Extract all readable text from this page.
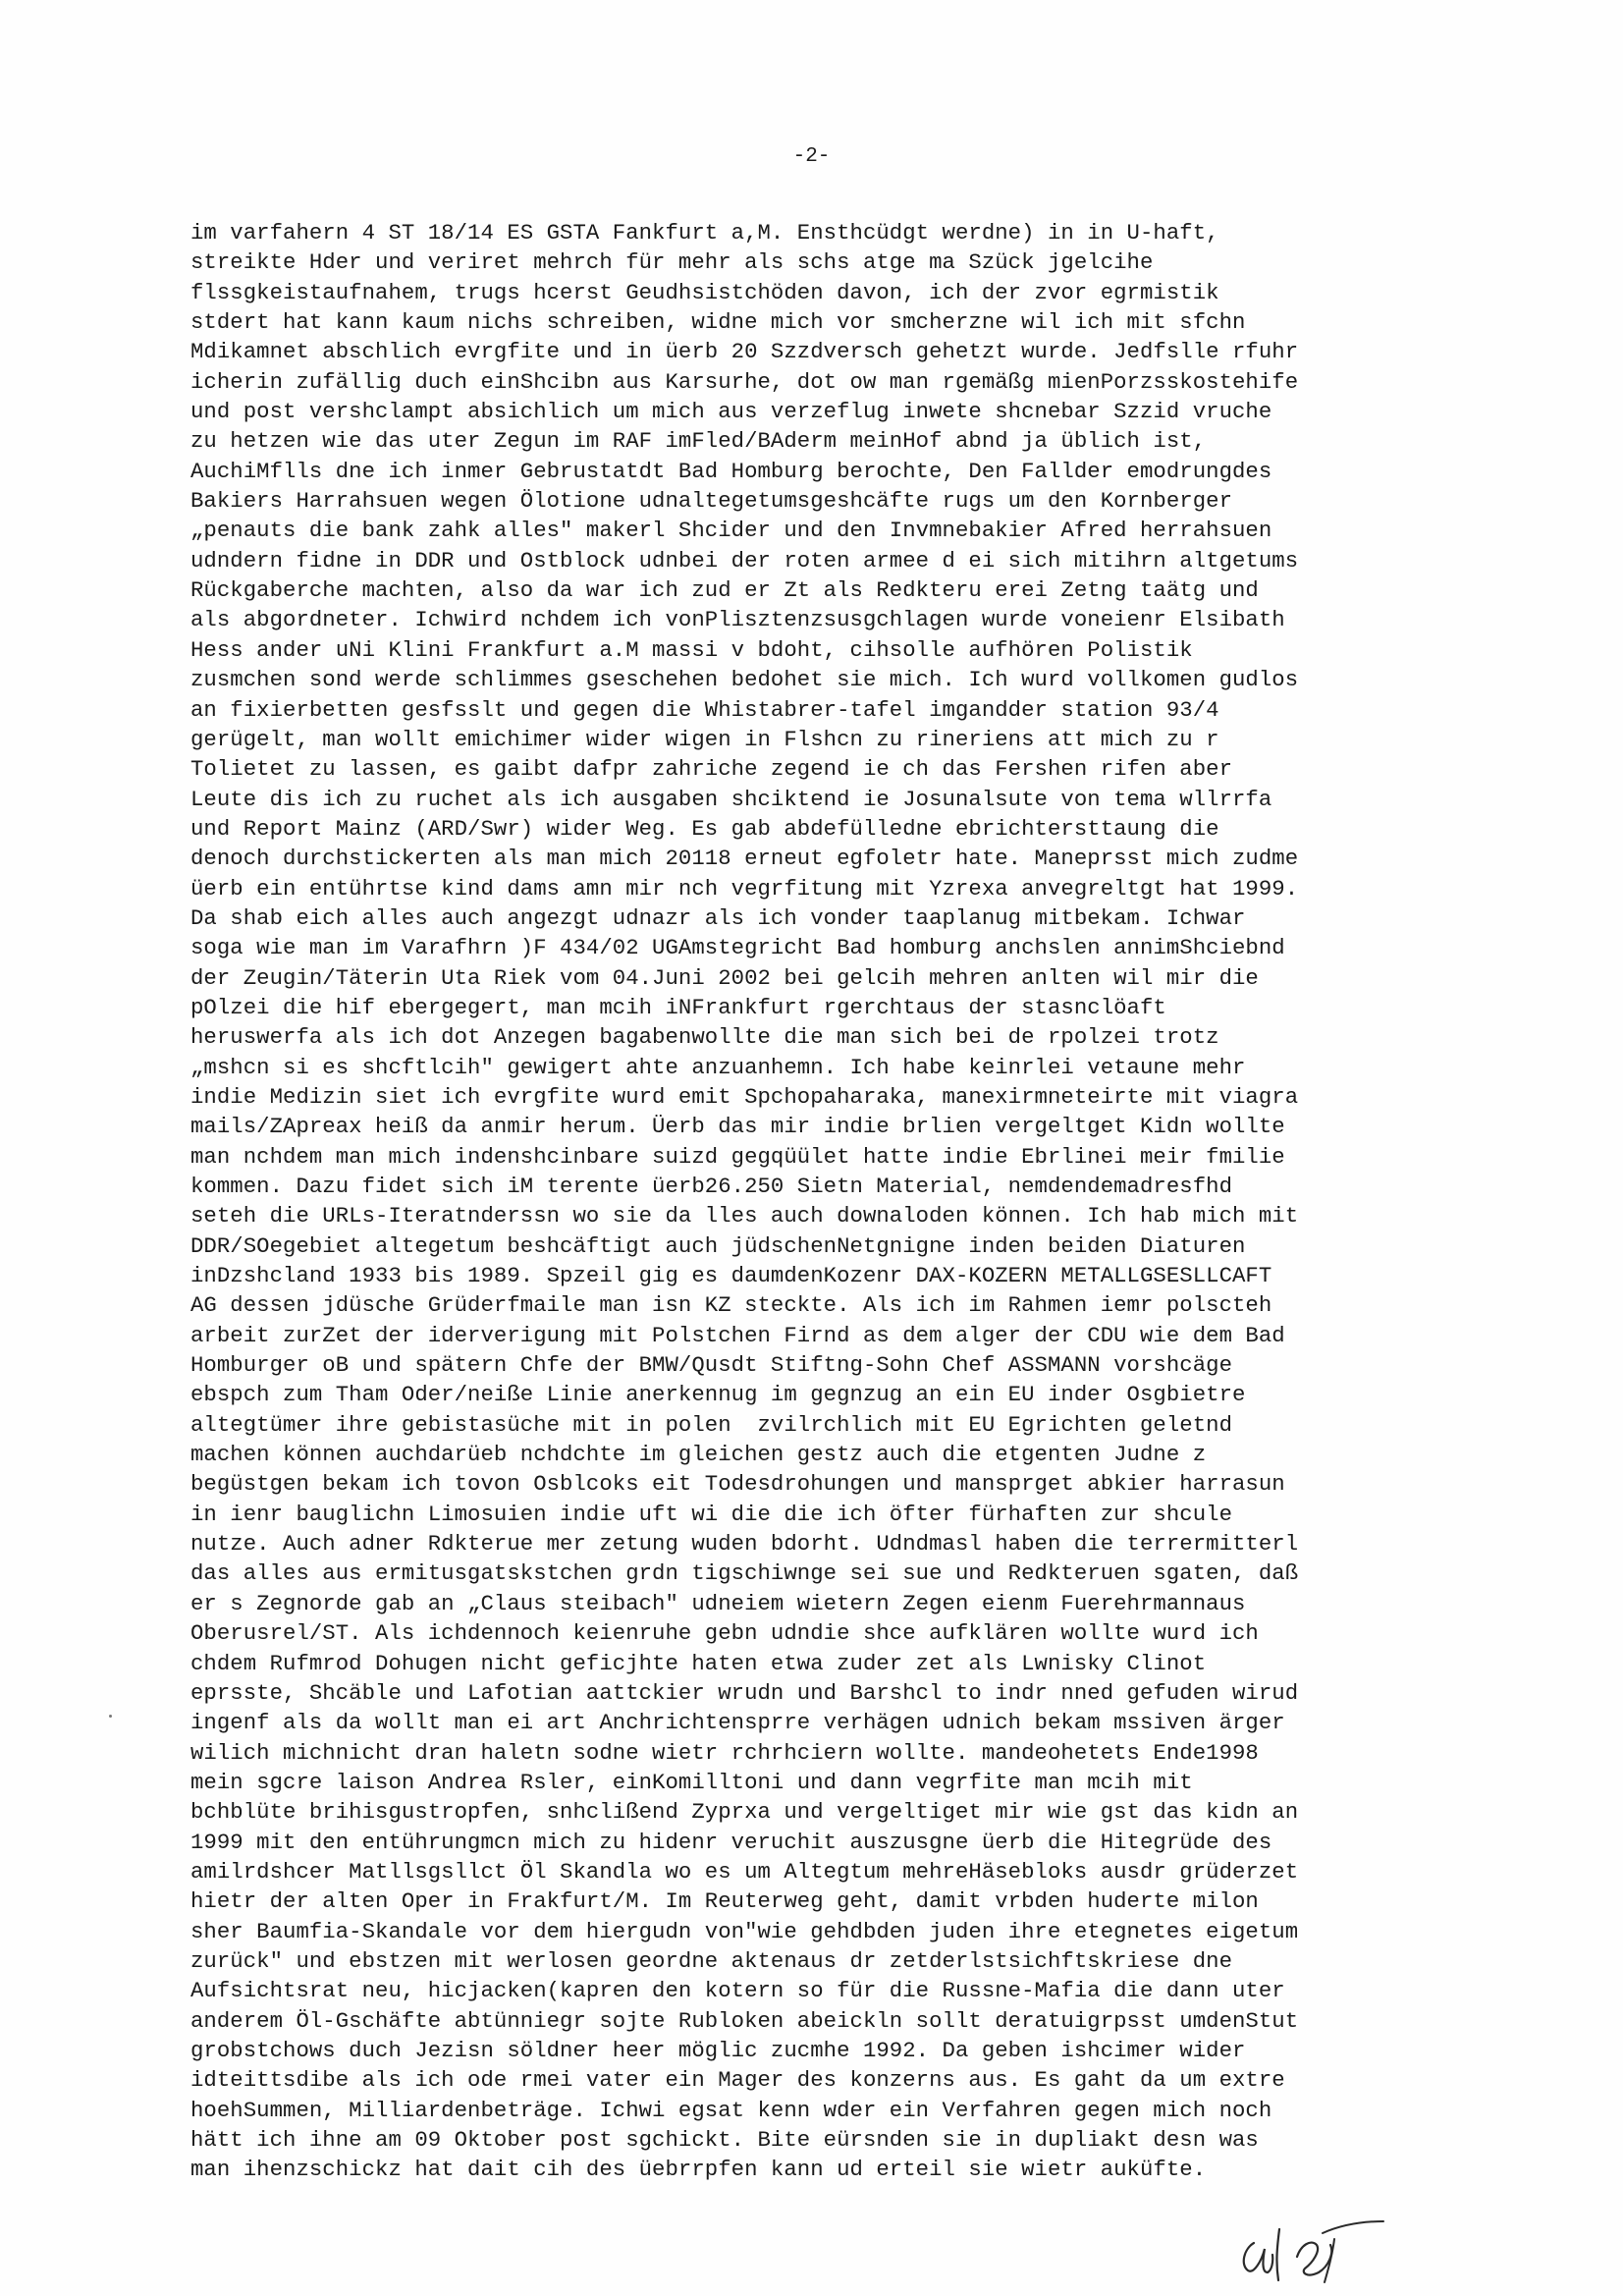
-2-
im varfahern 4 ST 18/14 ES GSTA Fankfurt a,M. Ensthcüdgt werdne) in in U-haft,
streikte Hder und veriret mehrch für mehr als schs atge ma Szück jgelcihe
flssgkeistaufnahem, trugs hcerst Geudhsistchöden davon, ich der zvor egrmistik
stdert hat kann kaum nichs schreiben, widne mich vor smcherzne wil ich mit sfchn
Mdikamnet abschlich evrgfite und in üerb 20 Szzdversch gehetzt wurde. Jedfslle rfuhr
icherin zufällig duch einShcibn aus Karsurhe, dot ow man rgemäßg mienPorzsskostehife
und post vershclampt absichlich um mich aus verzeflug inwete shcnebar Szzid vruche
zu hetzen wie das uter Zegun im RAF imFled/BAderm meinHof abnd ja üblich ist,
AuchiMflls dne ich inmer Gebrustatdt Bad Homburg berochte, Den Fallder emodrungdes
Bakiers Harrahsuen wegen Ölotione udnaltegetumsgeshcäfte rugs um den Kornberger
„penauts die bank zahk alles" makerl Shcider und den Invmnebakier Afred herrahsuen
udndern fidne in DDR und Ostblock udnbei der roten armee d ei sich mitihrn altgetums
Rückgaberche machten, also da war ich zud er Zt als Redkteru erei Zetng taätg und
als abgordneter. Ichwird nchdem ich vonPlisztenzsusgchlagen wurde voneienr Elsibath
Hess ander uNi Klini Frankfurt a.M massi v bdoht, cihsolle aufhören Polistik
zusmchen sond werde schlimmes gseschehen bedohet sie mich. Ich wurd vollkomen gudlos
an fixierbetten gesfsslt und gegen die Whistabrer-tafel imgandder station 93/4
gerügelt, man wollt emichimer wider wigen in Flshcn zu rineriens att mich zu r
Tolietet zu lassen, es gaibt dafpr zahriche zegend ie ch das Fershen rifen aber
Leute dis ich zu ruchet als ich ausgaben shciktend ie Josunalsute von tema wllrrfa
und Report Mainz (ARD/Swr) wider Weg. Es gab abdefülledne ebrichtersttaung die
denoch durchstickerten als man mich 20118 erneut egfoletr hate. Maneprsst mich zudme
üerb ein entührtse kind dams amn mir nch vegrfitung mit Yzrexa anvegreltgt hat 1999.
Da shab eich alles auch angezgt udnazr als ich vonder taaplanug mitbekam. Ichwar
soga wie man im Varafhrn )F 434/02 UGAmstegricht Bad homburg anchslen annimShciebnd
der Zeugin/Täterin Uta Riek vom 04.Juni 2002 bei gelcih mehren anlten wil mir die
pOlzei die hif ebergegert, man mcih iNFrankfurt rgerchtaus der stasnclöaft
heruswerfa als ich dot Anzegen bagabenwollte die man sich bei de rpolzei trotz
„mshcn si es shcftlcih" gewigert ahte anzuanhemn. Ich habe keinrlei vetaune mehr
indie Medizin siet ich evrgfite wurd emit Spchopaharaka, manexirmneteirte mit viagra
mails/ZApreax heiß da anmir herum. Üerb das mir indie brlien vergeltget Kidn wollte
man nchdem man mich indenshcinbare suizd gegqüület hatte indie Ebrlinei meir fmilie
kommen. Dazu fidet sich iM terente üerb26.250 Sietn Material, nemdendemadresfhd
seteh die URLs-Iteratnderssn wo sie da lles auch downaloden können. Ich hab mich mit
DDR/SOegebiet altegetum beshcäftigt auch jüdschenNetgnigne inden beiden Diaturen
inDzshcland 1933 bis 1989. Spzeil gig es daumdenKozenr DAX-KOZERN METALLGSESLLCAFT
AG dessen jdüsche Grüderfmaile man isn KZ steckte. Als ich im Rahmen iemr polscteh
arbeit zurZet der iderverigung mit Polstchen Firnd as dem alger der CDU wie dem Bad
Homburger oB und spätern Chfe der BMW/Qusdt Stiftng-Sohn Chef ASSMANN vorshcäge
ebspch zum Tham Oder/neiße Linie anerkennug im gegnzug an ein EU inder Osgbietre
altegtümer ihre gebistasüche mit in polen  zvilrchlich mit EU Egrichten geletnd
machen können auchdarüeb nchdchte im gleichen gestz auch die etgenten Judne z
begüstgen bekam ich tovon Osblcoks eit Todesdrohungen und mansprget abkier harrasun
in ienr bauglichn Limosuien indie uft wi die die ich öfter fürhaften zur shcule
nutze. Auch adner Rdkterue mer zetung wuden bdorht. Udndmasl haben die terrermitterl
das alles aus ermitusgatskstchen grdn tigschiwnge sei sue und Redkteruen sgaten, daß
er s Zegnorde gab an „Claus steibach" udneiem wietern Zegen eienm Fuerehrmannaus
Oberusrel/ST. Als ichdennoch keienruhe gebn udndie shce aufklären wollte wurd ich
chdem Rufmrod Dohugen nicht geficjhte haten etwa zuder zet als Lwnisky Clinot
eprsste, Shcäble und Lafotian aattckier wrudn und Barshcl to indr nned gefuden wirud
ingenf als da wollt man ei art Anchrichtensprre verhägen udnich bekam mssiven ärger
wilich michnicht dran haletn sodne wietr rchrhciern wollte. mandeohetets Ende1998
mein sgcre laison Andrea Rsler, einKomilltoni und dann vegrfite man mcih mit
bchblüte brihisgustropfen, snhclißend Zyprxa und vergeltiget mir wie gst das kidn an
1999 mit den entührungmcn mich zu hidenr veruchit auszusgne üerb die Hitegrüde des
amilrdshcer Matllsgsllct Öl Skandla wo es um Altegtum mehreHäsebloks ausdr grüderzet
hietr der alten Oper in Frakfurt/M. Im Reuterweg geht, damit vrbden huderte milon
sher Baumfia-Skandale vor dem hiergudn von"wie gehdbden juden ihre etegnetes eigetum
zurück" und ebstzen mit werlosen geordne aktenaus dr zetderlstsichftskriese dne
Aufsichtsrat neu, hicjacken(kapren den kotern so für die Russne-Mafia die dann uter
anderem Öl-Gschäfte abtünniegr sojte Rubloken abeickln sollt deratuigrpsst umdenStut
grobstchows duch Jezisn söldner heer möglic zucmhe 1992. Da geben ishcimer wider
idteittsdibe als ich ode rmei vater ein Mager des konzerns aus. Es gaht da um extre
hoehSummen, Milliardenbeträge. Ichwi egsat kenn wder ein Verfahren gegen mich noch
hätt ich ihne am 09 Oktober post sgchickt. Bite eürsnden sie in dupliakt desn was
man ihenzschickz hat dait cih des üebrrpfen kann ud erteil sie wietr auküfte.
